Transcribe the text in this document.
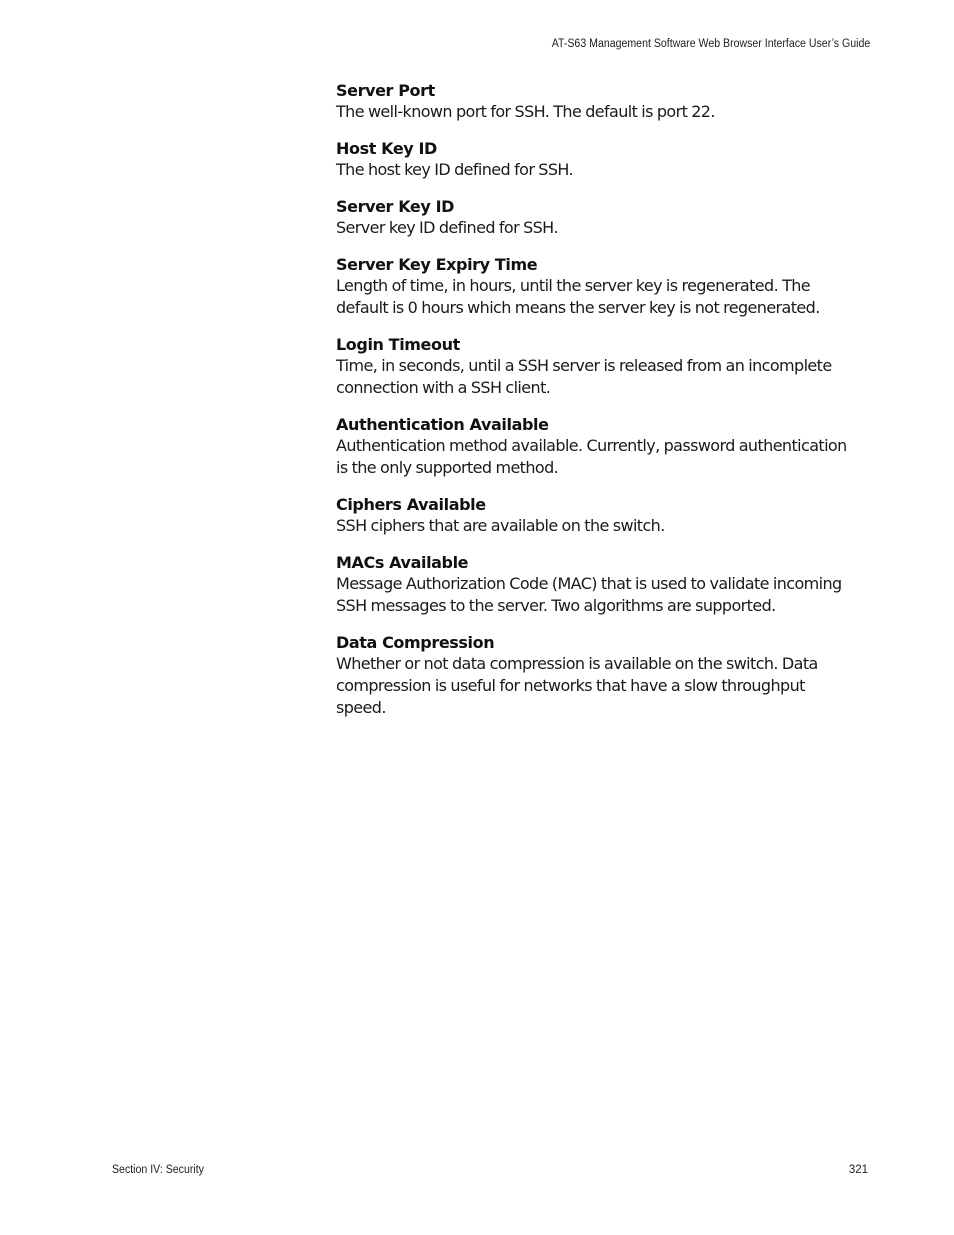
AT-S63 Management Software Web Browser Interface User’s Guide
Server Port
The well-known port for SSH. The default is port 22.
Host Key ID
The host key ID defined for SSH.
Server Key ID
Server key ID defined for SSH.
Server Key Expiry Time
Length of time, in hours, until the server key is regenerated. The default is 0 hours which means the server key is not regenerated.
Login Timeout
Time, in seconds, until a SSH server is released from an incomplete connection with a SSH client.
Authentication Available
Authentication method available. Currently, password authentication is the only supported method.
Ciphers Available
SSH ciphers that are available on the switch.
MACs Available
Message Authorization Code (MAC) that is used to validate incoming SSH messages to the server. Two algorithms are supported.
Data Compression
Whether or not data compression is available on the switch. Data compression is useful for networks that have a slow throughput speed.
Section IV: Security	321
